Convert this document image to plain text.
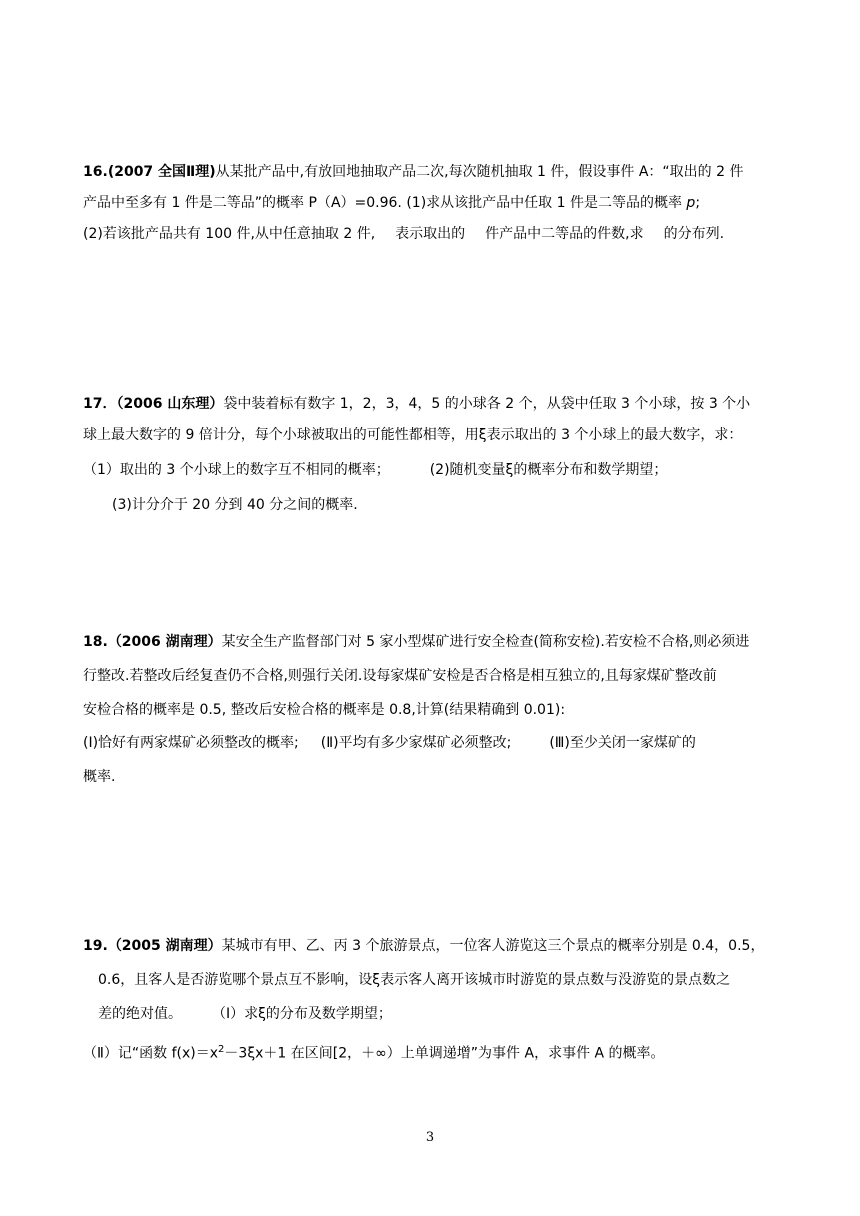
16.(2007 全国Ⅱ理)从某批产品中,有放回地抽取产品二次,每次随机抽取 1 件，假设事件 A：“取出的 2 件
产品中至多有 1 件是二等品”的概率 P（A）=0.96. (1)求从该批产品中任取 1 件是二等品的概率 p;
(2)若该批产品共有 100 件,从中任意抽取 2 件, 表示取出的 件产品中二等品的件数,求 的分布列.
17．（2006 山东理）袋中装着标有数字 1，2，3，4，5 的小球各 2 个，从袋中任取 3 个小球，按 3 个小
球上最大数字的 9 倍计分，每个小球被取出的可能性都相等，用ξ表示取出的 3 个小球上的最大数字，求：
（1）取出的 3 个小球上的数字互不相同的概率；	(2)随机变量ξ的概率分布和数学期望；
(3)计分介于 20 分到 40 分之间的概率.
18.（2006 湖南理）某安全生产监督部门对 5 家小型煤矿进行安全检查(简称安检).若安检不合格,则必须进
行整改.若整改后经复查仍不合格,则强行关闭.设每家煤矿安检是否合格是相互独立的,且每家煤矿整改前
安检合格的概率是 0.5, 整改后安检合格的概率是 0.8,计算(结果精确到 0.01):
(Ⅰ)恰好有两家煤矿必须整改的概率; (Ⅱ)平均有多少家煤矿必须整改;	(Ⅲ)至少关闭一家煤矿的
概率.
19.（2005 湖南理）某城市有甲、乙、丙 3 个旅游景点，一位客人游览这三个景点的概率分别是 0.4，0.5，
0.6，且客人是否游览哪个景点互不影响，设ξ表示客人离开该城市时游览的景点数与没游览的景点数之
差的绝对值。 （Ⅰ）求ξ的分布及数学期望；
（Ⅱ）记“函数 $f(x)=x^2-3\xi x+1$ 在区间[2，＋∞）上单调递增”为事件 A，求事件 A 的概率。
3
